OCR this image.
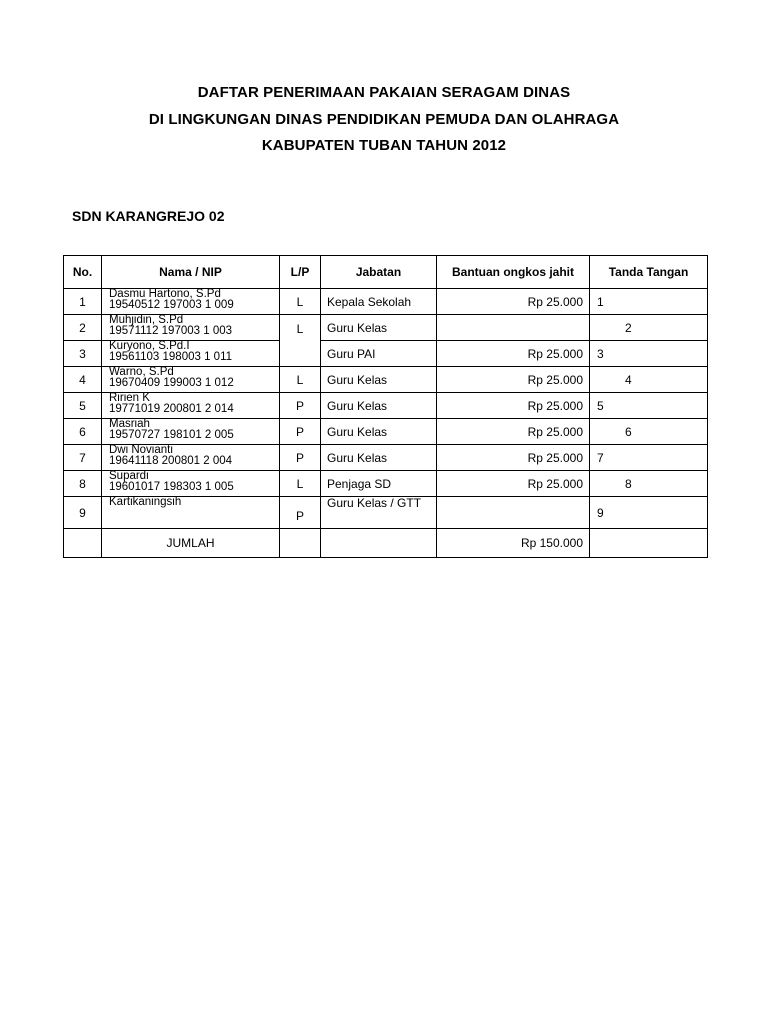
DAFTAR PENERIMAAN PAKAIAN SERAGAM DINAS
DI LINGKUNGAN DINAS PENDIDIKAN PEMUDA DAN OLAHRAGA
KABUPATEN TUBAN TAHUN 2012
SDN KARANGREJO 02
No.	Nama / NIP	L/P	Jabatan	Bantuan ongkos jahit	Tanda Tangan
1	Dasmu Hartono, S.Pd
19540512 197003 1 009	L	Kepala Sekolah	Rp 25.000	1
2	Muhjidin, S.Pd
19571112 197003 1 003	L	Guru Kelas		2
3	Kuryono, S.Pd.I
19561103 198003 1 011		Guru PAI	Rp 25.000	3
4	Warno, S.Pd
19670409 199003 1 012	L	Guru Kelas	Rp 25.000	4
5	Ririen K
19771019 200801 2 014	P	Guru Kelas	Rp 25.000	5
6	Masriah
19570727 198101 2 005	P	Guru Kelas	Rp 25.000	6
7	Dwi Novianti
19641118 200801 2 004	P	Guru Kelas	Rp 25.000	7
8	Supardi
19601017 198303 1 005	L	Penjaga SD	Rp 25.000	8
9	Kartikaningsih	P	Guru Kelas / GTT		9
	JUMLAH			Rp 150.000	
